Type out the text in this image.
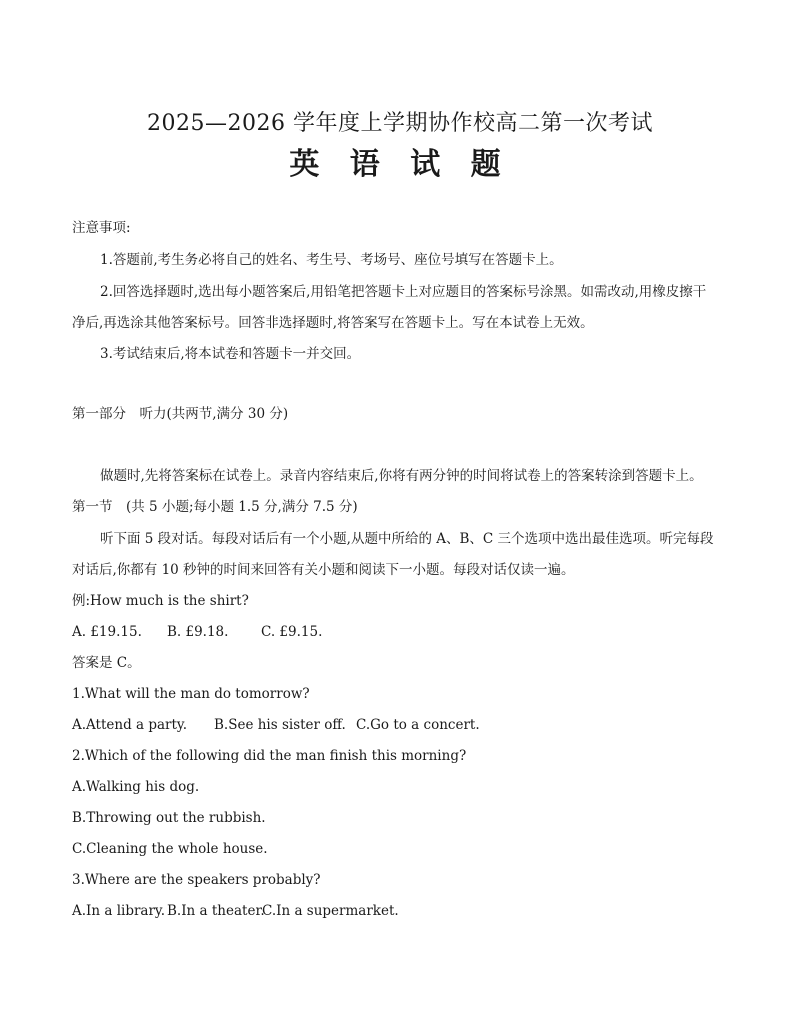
2025—2026 学年度上学期协作校高二第一次考试
英 语 试 题
注意事项:
1.答题前,考生务必将自己的姓名、考生号、考场号、座位号填写在答题卡上。
2.回答选择题时,选出每小题答案后,用铅笔把答题卡上对应题目的答案标号涂黑。如需改动,用橡皮擦干
净后,再选涂其他答案标号。回答非选择题时,将答案写在答题卡上。写在本试卷上无效。
3.考试结束后,将本试卷和答题卡一并交回。
第一部分　听力(共两节,满分 30 分)
做题时,先将答案标在试卷上。录音内容结束后,你将有两分钟的时间将试卷上的答案转涂到答题卡上。
第一节　(共 5 小题;每小题 1.5 分,满分 7.5 分)
听下面 5 段对话。每段对话后有一个小题,从题中所给的 A、B、C 三个选项中选出最佳选项。听完每段
对话后,你都有 10 秒钟的时间来回答有关小题和阅读下一小题。每段对话仅读一遍。
例:How much is the shirt?
A. £19.15. B. £9.18. C. £9.15.
答案是 C。
1.What will the man do tomorrow?
A.Attend a party. B.See his sister off. C.Go to a concert.
2.Which of the following did the man finish this morning?
A.Walking his dog.
B.Throwing out the rubbish.
C.Cleaning the whole house.
3.Where are the speakers probably?
A.In a library. B.In a theater.C.In a supermarket.
